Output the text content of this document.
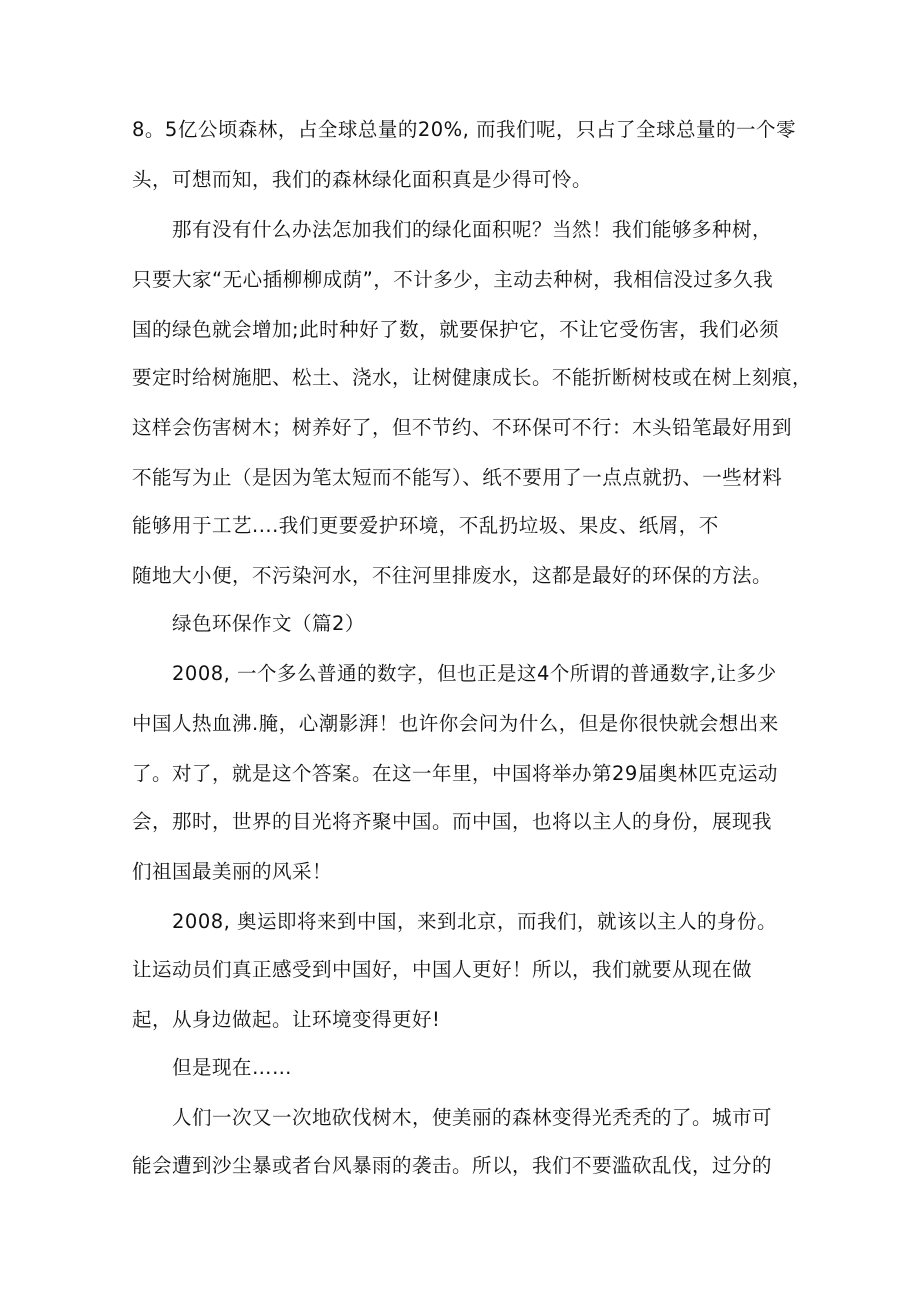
8。5亿公顷森林，占全球总量的20%, 而我们呢，只占了全球总量的一个零
头，可想而知，我们的森林绿化面积真是少得可怜。
那有没有什么办法怎加我们的绿化面积呢？当然！我们能够多种树，
只要大家“无心插柳柳成荫”，不计多少，主动去种树，我相信没过多久我
国的绿色就会增加;此时种好了数，就要保护它，不让它受伤害，我们必须
要定时给树施肥、松土、浇水，让树健康成长。不能折断树枝或在树上刻痕，
这样会伤害树木；树养好了，但不节约、不环保可不行：木头铅笔最好用到
不能写为止（是因为笔太短而不能写）、纸不要用了一点点就扔、一些材料
能够用于工艺....我们更要爱护环境，不乱扔垃圾、果皮、纸屑，不
随地大小便，不污染河水，不往河里排废水，这都是最好的环保的方法。
绿色环保作文（篇2）
2008, 一个多么普通的数字，但也正是这4个所谓的普通数字,让多少
中国人热血沸.腌，心潮影湃！也许你会问为什么，但是你很快就会想出来
了。对了，就是这个答案。在这一年里，中国将举办第29届奥林匹克运动
会，那时，世界的目光将齐聚中国。而中国，也将以主人的身份，展现我
们祖国最美丽的风采！
2008, 奥运即将来到中国，来到北京，而我们，就该以主人的身份。
让运动员们真正感受到中国好，中国人更好！所以，我们就要从现在做
起，从身边做起。让环境变得更好!
但是现在……
人们一次又一次地砍伐树木，使美丽的森林变得光秃秃的了。城市可
能会遭到沙尘暴或者台风暴雨的袭击。所以，我们不要滥砍乱伐，过分的
